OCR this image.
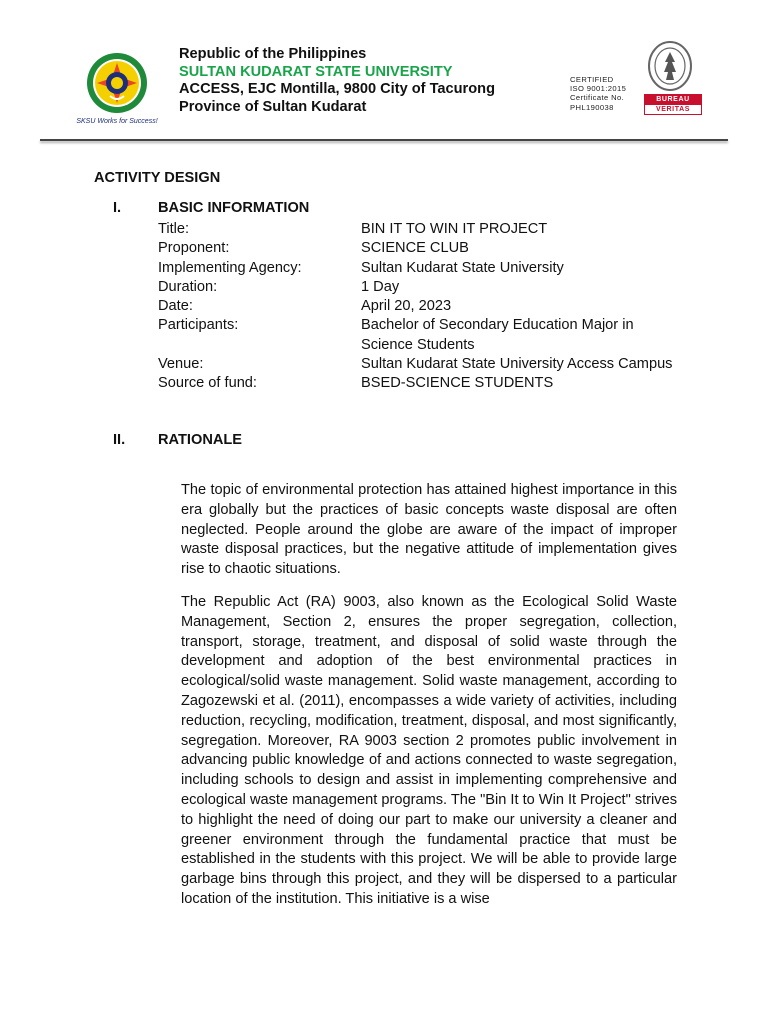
SKSU Works for Success!
Republic of the Philippines
SULTAN KUDARAT STATE UNIVERSITY
ACCESS, EJC Montilla, 9800 City of Tacurong
Province of Sultan Kudarat
CERTIFIED
ISO 9001:2015
Certificate No.
PHL190038
BUREAU
VERITAS
ACTIVITY DESIGN
I.	BASIC INFORMATION
Title:	BIN IT TO WIN IT PROJECT
Proponent:	SCIENCE CLUB
Implementing Agency:	Sultan Kudarat State University
Duration:	1 Day
Date:	April 20, 2023
Participants:	Bachelor of Secondary Education Major in Science Students
Venue:	Sultan Kudarat State University Access Campus
Source of fund:	BSED-SCIENCE STUDENTS
II. RATIONALE

The topic of environmental protection has attained highest importance in this era globally but the practices of basic concepts waste disposal are often neglected. People around the globe are aware of the impact of improper waste disposal practices, but the negative attitude of implementation gives rise to chaotic situations.

The Republic Act (RA) 9003, also known as the Ecological Solid Waste Management, Section 2, ensures the proper segregation, collection, transport, storage, treatment, and disposal of solid waste through the development and adoption of the best environmental practices in ecological/solid waste management. Solid waste management, according to Zagozewski et al. (2011), encompasses a wide variety of activities, including reduction, recycling, modification, treatment, disposal, and most significantly, segregation. Moreover, RA 9003 section 2 promotes public involvement in advancing public knowledge of and actions connected to waste segregation, including schools to design and assist in implementing comprehensive and ecological waste management programs. The "Bin It to Win It Project" strives to highlight the need of doing our part to make our university a cleaner and greener environment through the fundamental practice that must be established in the students with this project. We will be able to provide large garbage bins through this project, and they will be dispersed to a particular location of the institution. This initiative is a wise
